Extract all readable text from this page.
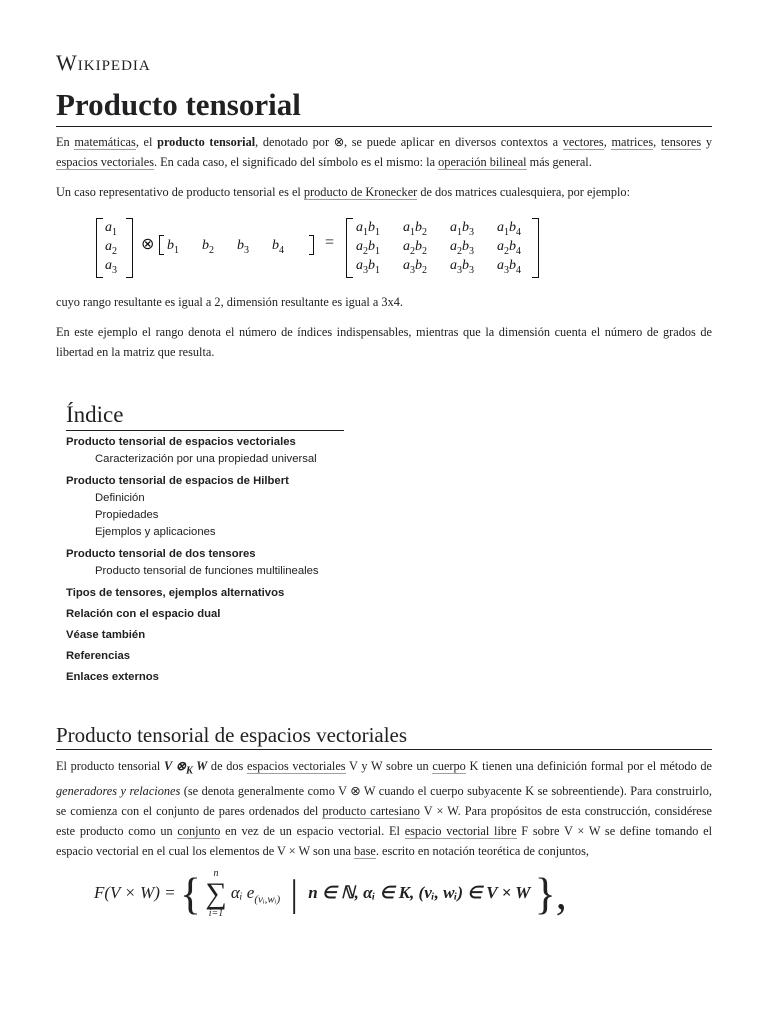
Wikipedia
Producto tensorial

En matemáticas, el producto tensorial, denotado por ⊗, se puede aplicar en diversos contextos a vectores, matrices, tensores y espacios vectoriales. En cada caso, el significado del símbolo es el mismo: la operación bilineal más general.

Un caso representativo de producto tensorial es el producto de Kronecker de dos matrices cualesquiera, por ejemplo:

$a_1$
$a_2$
$a_3$
⊗ $b_1$ $b_2$ $b_3$ $b_4$	=
$a_1b_1$ $a_1b_2$ $a_1b_3$ $a_1b_4$
$a_2b_1$ $a_2b_2$ $a_2b_3$ $a_2b_4$
$a_3b_1$ $a_3b_2$ $a_3b_3$ $a_3b_4$

cuyo rango resultante es igual a 2, dimensión resultante es igual a 3x4.

En este ejemplo el rango denota el número de índices indispensables, mientras que la dimensión cuenta el número de grados de libertad en la matriz que resulta.

Índice
Producto tensorial de espacios vectoriales
Caracterización por una propiedad universal
Producto tensorial de espacios de Hilbert
Definición
Propiedades
Ejemplos y aplicaciones
Producto tensorial de dos tensores
Producto tensorial de funciones multilineales
Tipos de tensores, ejemplos alternativos
Relación con el espacio dual
Véase también
Referencias
Enlaces externos
Producto tensorial de espacios vectoriales

El producto tensorial V $\otimes_K$ W de dos espacios vectoriales V y W sobre un cuerpo K tienen una definición formal por el método de generadores y relaciones (se denota generalmente como V ⊗ W cuando el cuerpo subyacente K se sobreentiende). Para construirlo, se comienza con el conjunto de pares ordenados del producto cartesiano V × W. Para propósitos de esta construcción, considérese este producto como un conjunto en vez de un espacio vectorial. El espacio vectorial libre F sobre V × W se define tomando el espacio vectorial en el cual los elementos de V × W son una base. escrito en notación teorética de conjuntos,

F(V × W) = {	n
∑
i=1
αᵢ $e_{(vᵢ,wᵢ)}$ | n ∈ ℕ, αᵢ ∈ K, (vᵢ, wᵢ) ∈ V × W },
